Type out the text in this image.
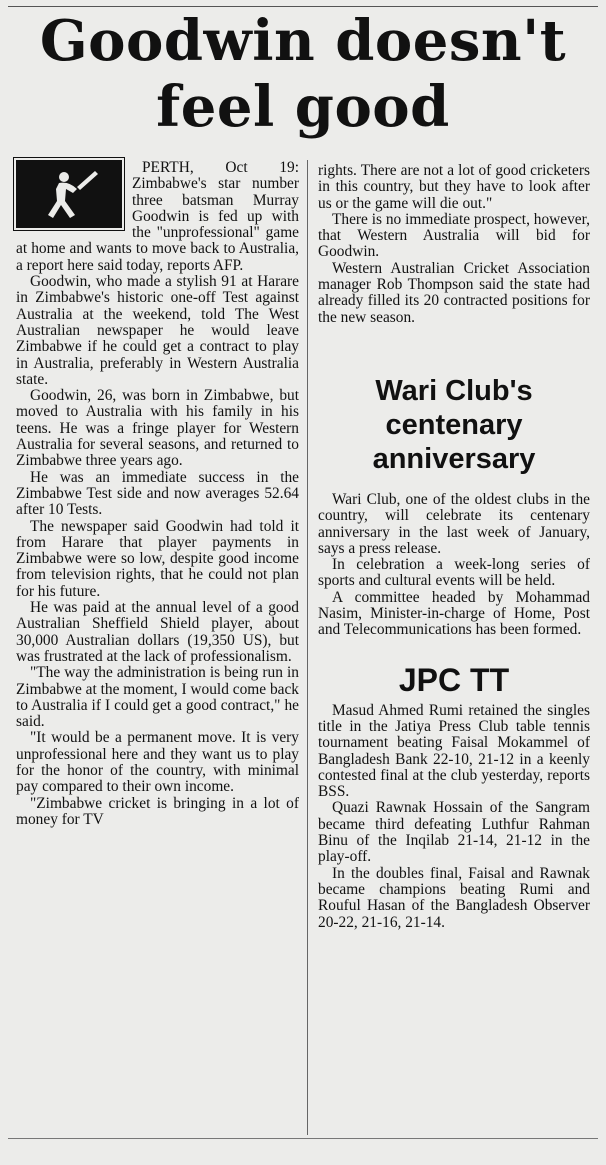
Goodwin doesn't feel good

PERTH, Oct 19: Zimbabwe's star number three batsman Murray Goodwin is fed up with the "unprofessional" game at home and wants to move back to Australia, a report here said today, reports AFP.

Goodwin, who made a stylish 91 at Harare in Zimbabwe's historic one-off Test against Australia at the weekend, told The West Australian newspaper he would leave Zimbabwe if he could get a contract to play in Australia, preferably in Western Australia state.

Goodwin, 26, was born in Zimbabwe, but moved to Australia with his family in his teens. He was a fringe player for Western Australia for several seasons, and returned to Zimbabwe three years ago.

He was an immediate success in the Zimbabwe Test side and now averages 52.64 after 10 Tests.

The newspaper said Goodwin had told it from Harare that player payments in Zimbabwe were so low, despite good income from television rights, that he could not plan for his future.

He was paid at the annual level of a good Australian Sheffield Shield player, about 30,000 Australian dollars (19,350 US), but was frustrated at the lack of professionalism.

"The way the administration is being run in Zimbabwe at the moment, I would come back to Australia if I could get a good contract," he said.

"It would be a permanent move. It is very unprofessional here and they want us to play for the honor of the country, with minimal pay compared to their own income.

"Zimbabwe cricket is bringing in a lot of money for TV

rights. There are not a lot of good cricketers in this country, but they have to look after us or the game will die out."

There is no immediate prospect, however, that Western Australia will bid for Goodwin.

Western Australian Cricket Association manager Rob Thompson said the state had already filled its 20 contracted positions for the new season.

Wari Club's centenary anniversary

Wari Club, one of the oldest clubs in the country, will celebrate its centenary anniversary in the last week of January, says a press release.

In celebration a week-long series of sports and cultural events will be held.

A committee headed by Mohammad Nasim, Minister-in-charge of Home, Post and Telecommunications has been formed.

JPC TT

Masud Ahmed Rumi retained the singles title in the Jatiya Press Club table tennis tournament beating Faisal Mokammel of Bangladesh Bank 22-10, 21-12 in a keenly contested final at the club yesterday, reports BSS.

Quazi Rawnak Hossain of the Sangram became third defeating Luthfur Rahman Binu of the Inqilab 21-14, 21-12 in the play-off.

In the doubles final, Faisal and Rawnak became champions beating Rumi and Rouful Hasan of the Bangladesh Observer 20-22, 21-16, 21-14.
